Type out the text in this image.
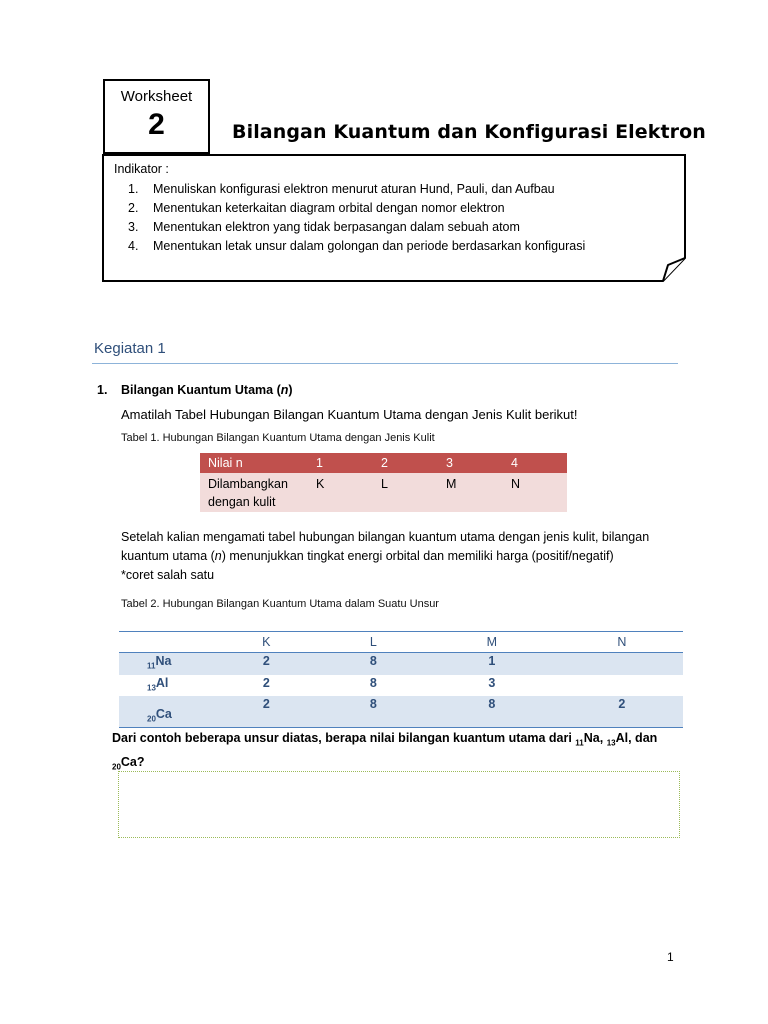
Worksheet
2	Bilangan Kuantum dan Konfigurasi Elektron
Indikator :
1.	Menuliskan konfigurasi elektron menurut aturan Hund, Pauli, dan Aufbau
2.	Menentukan keterkaitan diagram orbital dengan nomor elektron
3.	Menentukan elektron yang tidak berpasangan dalam sebuah atom
4.	Menentukan letak unsur dalam golongan dan periode berdasarkan konfigurasi
Kegiatan 1
1. Bilangan Kuantum Utama (n)
Amatilah Tabel Hubungan Bilangan Kuantum Utama dengan Jenis Kulit berikut!
Tabel 1. Hubungan Bilangan Kuantum Utama dengan Jenis Kulit
Nilai n	1	2	3	4
Dilambangkan
dengan kulit	K	L	M	N
Setelah kalian mengamati tabel hubungan bilangan kuantum utama dengan jenis kulit, bilangan kuantum utama (n) menunjukkan tingkat energi orbital dan memiliki harga (positif/negatif)
*coret salah satu
Tabel 2. Hubungan Bilangan Kuantum Utama dalam Suatu Unsur
	K	L	M	N
$_{11}$Na	2	8	1	
$_{13}$Al	2	8	3	
$_{20}$Ca	2	8	8	2
Dari contoh beberapa unsur diatas, berapa nilai bilangan kuantum utama dari $_{11}$Na, $_{13}$Al, dan
$_{20}$Ca?
1
